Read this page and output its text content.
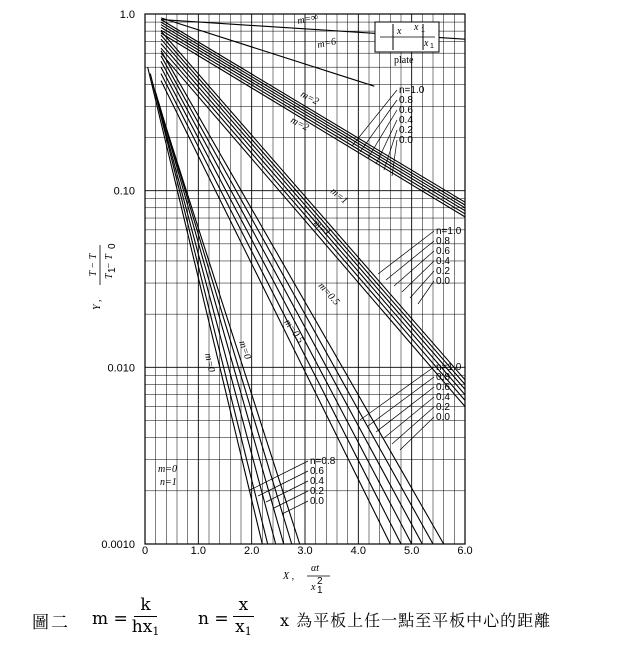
0	1.0	2.0	3.0	4.0	5.0	6.0
1.0
0.10
0.010
0.0010
x x 1
x 1
plate
m=∞
m=6
m=2
m=2
m=1
m=1
m=0.5
m=0.5
m=0
m=0
m=0
n=1
n=1.0
0.8
0.6
0.4
0.2
0.0
n=1.0
0.8
0.6
0.4
0.2
0.0
n=1.0
0.8
0.6
0.4
0.2
0.0
n=0.8
0.6
0.4
0.2
0.0
Y ,
T − T T
1
− T
0
X ,
αt
x 1
2
圖二 $m = \frac{k}{hx_1}$ $n = \frac{x}{x_1}$ x 為平板上任一點至平板中心的距離
